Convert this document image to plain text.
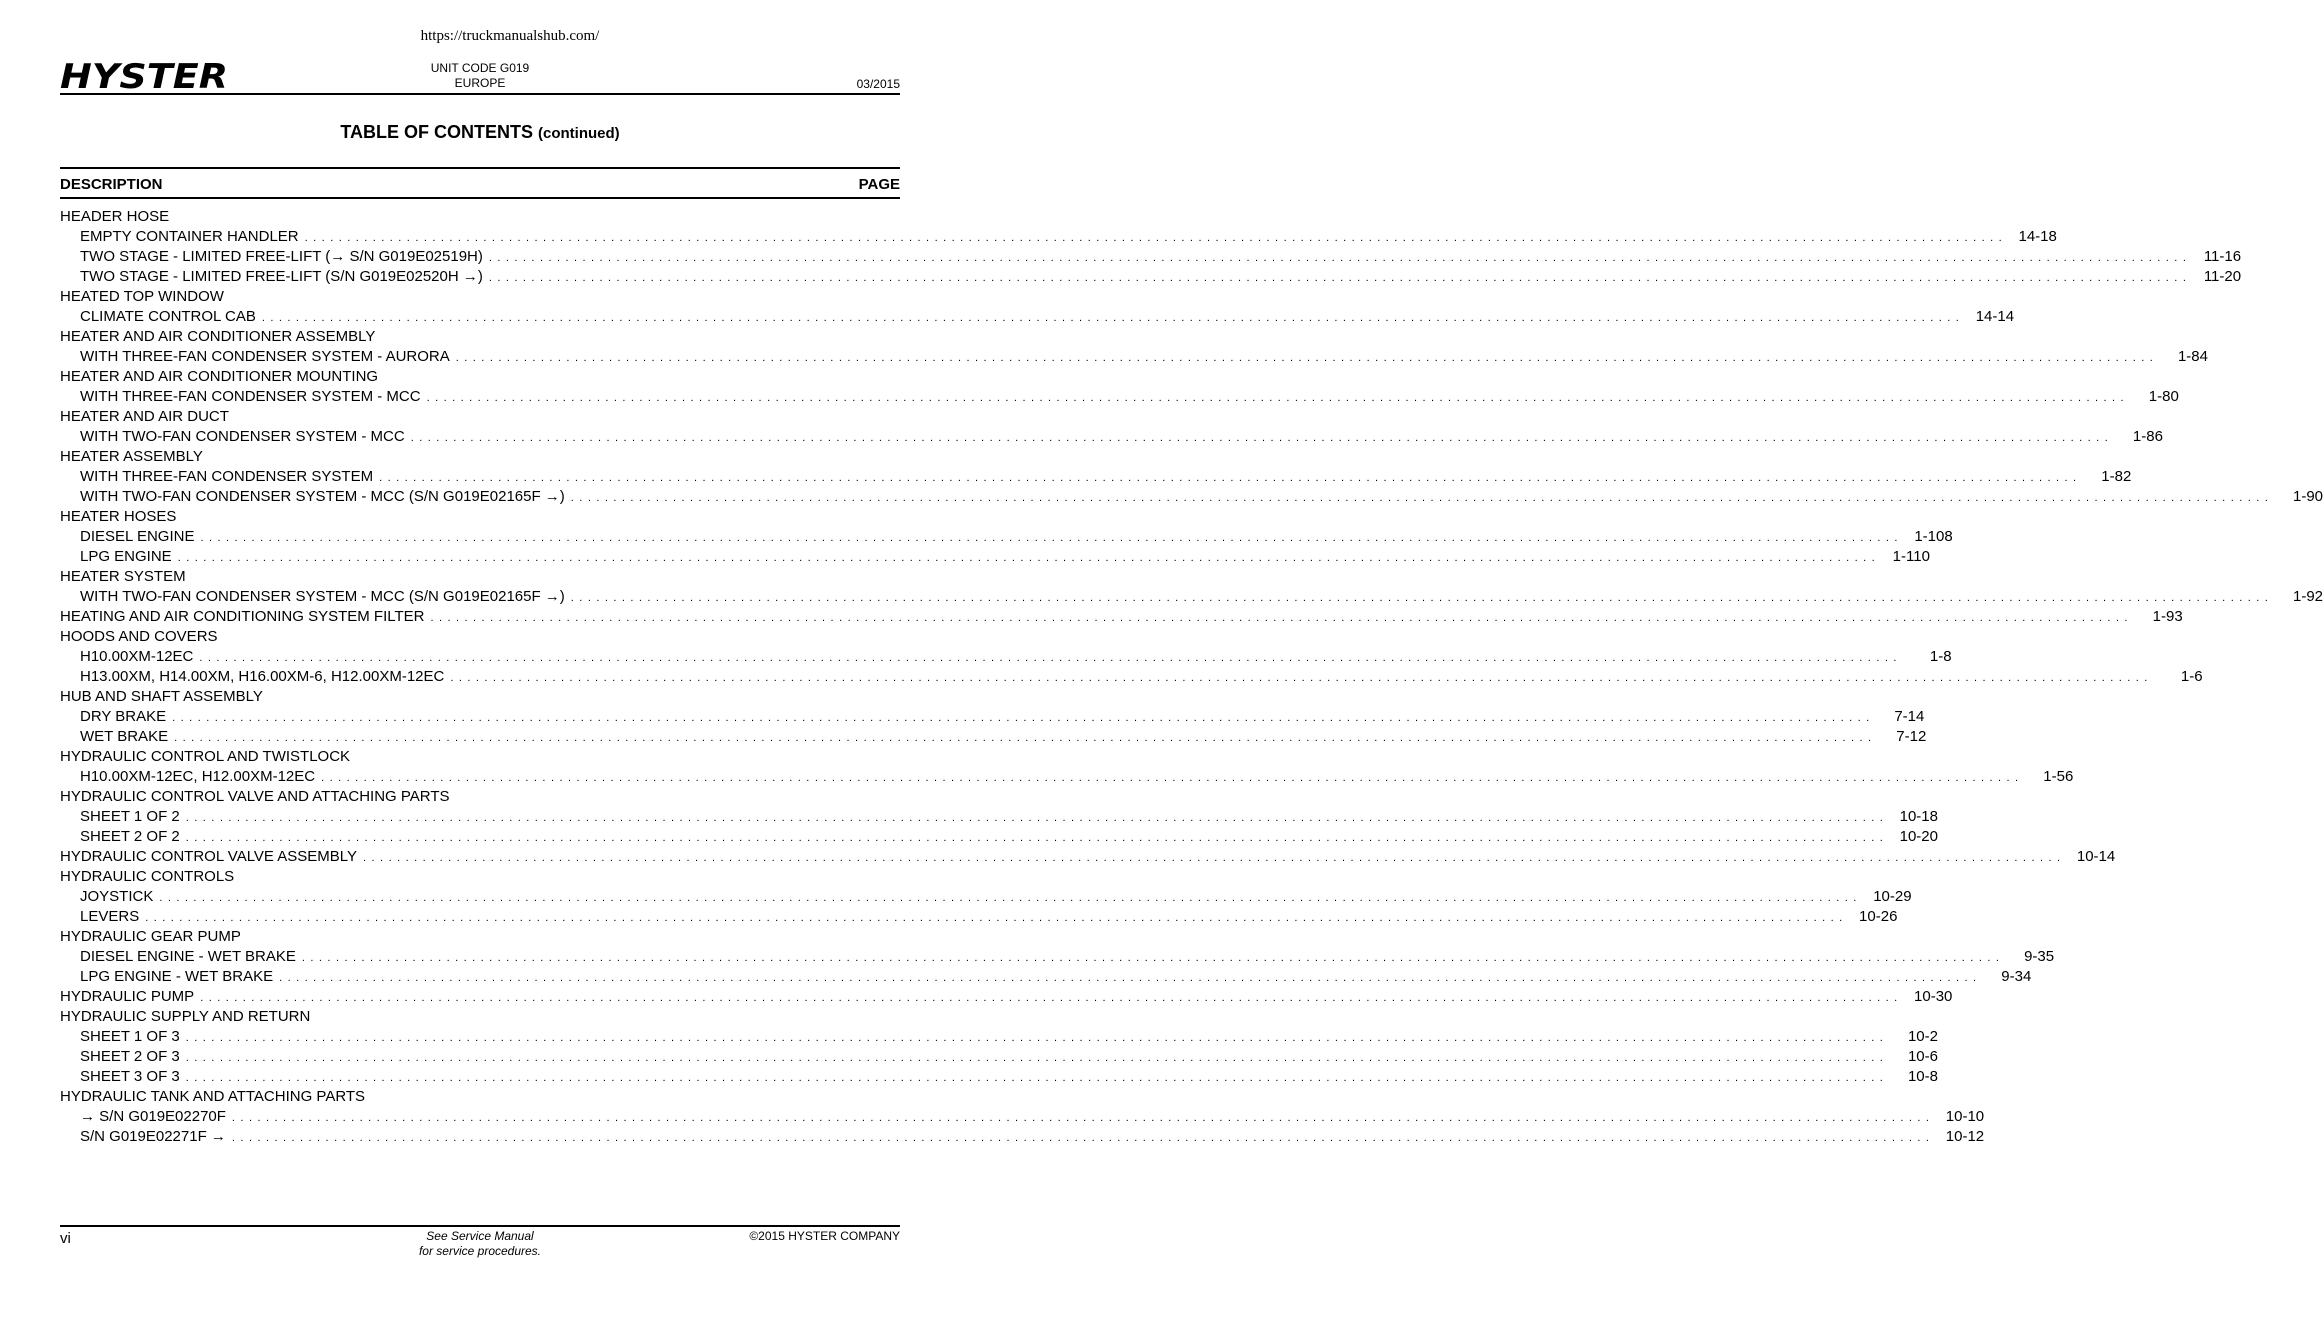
https://truckmanualshub.com/
HYSTER	UNIT CODE G019
EUROPE	03/2015
TABLE OF CONTENTS (continued)
DESCRIPTION	PAGE
HEADER HOSE
EMPTY CONTAINER HANDLER . . . . . . . . . . . . . . . . . . . . . . . . . . . . . . . . . . . . . . . . . . . . . . . . . . . . . . . . . . . . . . . . . . . . . . . . . . . . . . . . . . . . . . . . . . . . . . . . . . . . . . . . . . . . . . . . . . . . . . . . . . . . . . . . . . . . . . . . . . . . . . . . . . . . . . . . . . . . . . . . . . . . . . . . . . . . . . . . . . . . . . . . . . . . . . . . . . . . . . . .	14-18
TWO STAGE - LIMITED FREE-LIFT (→ S/N G019E02519H) . . . . . . . . . . . . . . . . . . . . . . . . . . . . . . . . . . . . . . . . . . . . . . . . . . . . . . . . . . . . . . . . . . . . . . . . . . . . . . . . . . . . . . . . . . . . . . . . . . . . . . . . . . . . . . . . . . . . . . . . . . . . . . . . . . . . . . . . . . . . . . . . . . . . . . . . . . . . . . . . . . . . . . . . . . . . . . . . . . . . . . . . . . . . . . . . . . . . . . . .	11-16
TWO STAGE - LIMITED FREE-LIFT (S/N G019E02520H →) . . . . . . . . . . . . . . . . . . . . . . . . . . . . . . . . . . . . . . . . . . . . . . . . . . . . . . . . . . . . . . . . . . . . . . . . . . . . . . . . . . . . . . . . . . . . . . . . . . . . . . . . . . . . . . . . . . . . . . . . . . . . . . . . . . . . . . . . . . . . . . . . . . . . . . . . . . . . . . . . . . . . . . . . . . . . . . . . . . . . . . . . . . . . . . . . . . . . . . . .	11-20
HEATED TOP WINDOW
CLIMATE CONTROL CAB . . . . . . . . . . . . . . . . . . . . . . . . . . . . . . . . . . . . . . . . . . . . . . . . . . . . . . . . . . . . . . . . . . . . . . . . . . . . . . . . . . . . . . . . . . . . . . . . . . . . . . . . . . . . . . . . . . . . . . . . . . . . . . . . . . . . . . . . . . . . . . . . . . . . . . . . . . . . . . . . . . . . . . . . . . . . . . . . . . . . . . . . . . . . . . . . . . . . . . . .	14-14
HEATER AND AIR CONDITIONER ASSEMBLY
WITH THREE-FAN CONDENSER SYSTEM - AURORA . . . . . . . . . . . . . . . . . . . . . . . . . . . . . . . . . . . . . . . . . . . . . . . . . . . . . . . . . . . . . . . . . . . . . . . . . . . . . . . . . . . . . . . . . . . . . . . . . . . . . . . . . . . . . . . . . . . . . . . . . . . . . . . . . . . . . . . . . . . . . . . . . . . . . . . . . . . . . . . . . . . . . . . . . . . . . . . . . . . . . . . . . . . . . . . . . . . . . . . .	1-84
HEATER AND AIR CONDITIONER MOUNTING
WITH THREE-FAN CONDENSER SYSTEM - MCC . . . . . . . . . . . . . . . . . . . . . . . . . . . . . . . . . . . . . . . . . . . . . . . . . . . . . . . . . . . . . . . . . . . . . . . . . . . . . . . . . . . . . . . . . . . . . . . . . . . . . . . . . . . . . . . . . . . . . . . . . . . . . . . . . . . . . . . . . . . . . . . . . . . . . . . . . . . . . . . . . . . . . . . . . . . . . . . . . . . . . . . . . . . . . . . . . . . . . . . .	1-80
HEATER AND AIR DUCT
WITH TWO-FAN CONDENSER SYSTEM - MCC . . . . . . . . . . . . . . . . . . . . . . . . . . . . . . . . . . . . . . . . . . . . . . . . . . . . . . . . . . . . . . . . . . . . . . . . . . . . . . . . . . . . . . . . . . . . . . . . . . . . . . . . . . . . . . . . . . . . . . . . . . . . . . . . . . . . . . . . . . . . . . . . . . . . . . . . . . . . . . . . . . . . . . . . . . . . . . . . . . . . . . . . . . . . . . . . . . . . . . . .	1-86
HEATER ASSEMBLY
WITH THREE-FAN CONDENSER SYSTEM . . . . . . . . . . . . . . . . . . . . . . . . . . . . . . . . . . . . . . . . . . . . . . . . . . . . . . . . . . . . . . . . . . . . . . . . . . . . . . . . . . . . . . . . . . . . . . . . . . . . . . . . . . . . . . . . . . . . . . . . . . . . . . . . . . . . . . . . . . . . . . . . . . . . . . . . . . . . . . . . . . . . . . . . . . . . . . . . . . . . . . . . . . . . . . . . . . . . . . . .	1-82
WITH TWO-FAN CONDENSER SYSTEM - MCC (S/N G019E02165F →) . . . . . . . . . . . . . . . . . . . . . . . . . . . . . . . . . . . . . . . . . . . . . . . . . . . . . . . . . . . . . . . . . . . . . . . . . . . . . . . . . . . . . . . . . . . . . . . . . . . . . . . . . . . . . . . . . . . . . . . . . . . . . . . . . . . . . . . . . . . . . . . . . . . . . . . . . . . . . . . . . . . . . . . . . . . . . . . . . . . . . . . . . . . . . . . . . . . . . . . .	1-90
HEATER HOSES
DIESEL ENGINE . . . . . . . . . . . . . . . . . . . . . . . . . . . . . . . . . . . . . . . . . . . . . . . . . . . . . . . . . . . . . . . . . . . . . . . . . . . . . . . . . . . . . . . . . . . . . . . . . . . . . . . . . . . . . . . . . . . . . . . . . . . . . . . . . . . . . . . . . . . . . . . . . . . . . . . . . . . . . . . . . . . . . . . . . . . . . . . . . . . . . . . . . . . . . . . . . . . . . . . .	1-108
LPG ENGINE . . . . . . . . . . . . . . . . . . . . . . . . . . . . . . . . . . . . . . . . . . . . . . . . . . . . . . . . . . . . . . . . . . . . . . . . . . . . . . . . . . . . . . . . . . . . . . . . . . . . . . . . . . . . . . . . . . . . . . . . . . . . . . . . . . . . . . . . . . . . . . . . . . . . . . . . . . . . . . . . . . . . . . . . . . . . . . . . . . . . . . . . . . . . . . . . . . . . . . . .	1-110
HEATER SYSTEM
WITH TWO-FAN CONDENSER SYSTEM - MCC (S/N G019E02165F →) . . . . . . . . . . . . . . . . . . . . . . . . . . . . . . . . . . . . . . . . . . . . . . . . . . . . . . . . . . . . . . . . . . . . . . . . . . . . . . . . . . . . . . . . . . . . . . . . . . . . . . . . . . . . . . . . . . . . . . . . . . . . . . . . . . . . . . . . . . . . . . . . . . . . . . . . . . . . . . . . . . . . . . . . . . . . . . . . . . . . . . . . . . . . . . . . . . . . . . . .	1-92
HEATING AND AIR CONDITIONING SYSTEM FILTER . . . . . . . . . . . . . . . . . . . . . . . . . . . . . . . . . . . . . . . . . . . . . . . . . . . . . . . . . . . . . . . . . . . . . . . . . . . . . . . . . . . . . . . . . . . . . . . . . . . . . . . . . . . . . . . . . . . . . . . . . . . . . . . . . . . . . . . . . . . . . . . . . . . . . . . . . . . . . . . . . . . . . . . . . . . . . . . . . . . . . . . . . . . . . . . . . . . . . . . .	1-93
HOODS AND COVERS
H10.00XM-12EC . . . . . . . . . . . . . . . . . . . . . . . . . . . . . . . . . . . . . . . . . . . . . . . . . . . . . . . . . . . . . . . . . . . . . . . . . . . . . . . . . . . . . . . . . . . . . . . . . . . . . . . . . . . . . . . . . . . . . . . . . . . . . . . . . . . . . . . . . . . . . . . . . . . . . . . . . . . . . . . . . . . . . . . . . . . . . . . . . . . . . . . . . . . . . . . . . . . . . . . .	1-8
H13.00XM, H14.00XM, H16.00XM-6, H12.00XM-12EC . . . . . . . . . . . . . . . . . . . . . . . . . . . . . . . . . . . . . . . . . . . . . . . . . . . . . . . . . . . . . . . . . . . . . . . . . . . . . . . . . . . . . . . . . . . . . . . . . . . . . . . . . . . . . . . . . . . . . . . . . . . . . . . . . . . . . . . . . . . . . . . . . . . . . . . . . . . . . . . . . . . . . . . . . . . . . . . . . . . . . . . . . . . . . . . . . . . . . . . .	1-6
HUB AND SHAFT ASSEMBLY
DRY BRAKE . . . . . . . . . . . . . . . . . . . . . . . . . . . . . . . . . . . . . . . . . . . . . . . . . . . . . . . . . . . . . . . . . . . . . . . . . . . . . . . . . . . . . . . . . . . . . . . . . . . . . . . . . . . . . . . . . . . . . . . . . . . . . . . . . . . . . . . . . . . . . . . . . . . . . . . . . . . . . . . . . . . . . . . . . . . . . . . . . . . . . . . . . . . . . . . . . . . . . . . .	7-14
WET BRAKE . . . . . . . . . . . . . . . . . . . . . . . . . . . . . . . . . . . . . . . . . . . . . . . . . . . . . . . . . . . . . . . . . . . . . . . . . . . . . . . . . . . . . . . . . . . . . . . . . . . . . . . . . . . . . . . . . . . . . . . . . . . . . . . . . . . . . . . . . . . . . . . . . . . . . . . . . . . . . . . . . . . . . . . . . . . . . . . . . . . . . . . . . . . . . . . . . . . . . . . .	7-12
HYDRAULIC CONTROL AND TWISTLOCK
H10.00XM-12EC, H12.00XM-12EC . . . . . . . . . . . . . . . . . . . . . . . . . . . . . . . . . . . . . . . . . . . . . . . . . . . . . . . . . . . . . . . . . . . . . . . . . . . . . . . . . . . . . . . . . . . . . . . . . . . . . . . . . . . . . . . . . . . . . . . . . . . . . . . . . . . . . . . . . . . . . . . . . . . . . . . . . . . . . . . . . . . . . . . . . . . . . . . . . . . . . . . . . . . . . . . . . . . . . . . .	1-56
HYDRAULIC CONTROL VALVE AND ATTACHING PARTS
SHEET 1 OF 2 . . . . . . . . . . . . . . . . . . . . . . . . . . . . . . . . . . . . . . . . . . . . . . . . . . . . . . . . . . . . . . . . . . . . . . . . . . . . . . . . . . . . . . . . . . . . . . . . . . . . . . . . . . . . . . . . . . . . . . . . . . . . . . . . . . . . . . . . . . . . . . . . . . . . . . . . . . . . . . . . . . . . . . . . . . . . . . . . . . . . . . . . . . . . . . . . . . . . . . . .	10-18
SHEET 2 OF 2 . . . . . . . . . . . . . . . . . . . . . . . . . . . . . . . . . . . . . . . . . . . . . . . . . . . . . . . . . . . . . . . . . . . . . . . . . . . . . . . . . . . . . . . . . . . . . . . . . . . . . . . . . . . . . . . . . . . . . . . . . . . . . . . . . . . . . . . . . . . . . . . . . . . . . . . . . . . . . . . . . . . . . . . . . . . . . . . . . . . . . . . . . . . . . . . . . . . . . . . .	10-20
HYDRAULIC CONTROL VALVE ASSEMBLY . . . . . . . . . . . . . . . . . . . . . . . . . . . . . . . . . . . . . . . . . . . . . . . . . . . . . . . . . . . . . . . . . . . . . . . . . . . . . . . . . . . . . . . . . . . . . . . . . . . . . . . . . . . . . . . . . . . . . . . . . . . . . . . . . . . . . . . . . . . . . . . . . . . . . . . . . . . . . . . . . . . . . . . . . . . . . . . . . . . . . . . . . . . . . . . . . . . . . . . .	10-14
HYDRAULIC CONTROLS
JOYSTICK . . . . . . . . . . . . . . . . . . . . . . . . . . . . . . . . . . . . . . . . . . . . . . . . . . . . . . . . . . . . . . . . . . . . . . . . . . . . . . . . . . . . . . . . . . . . . . . . . . . . . . . . . . . . . . . . . . . . . . . . . . . . . . . . . . . . . . . . . . . . . . . . . . . . . . . . . . . . . . . . . . . . . . . . . . . . . . . . . . . . . . . . . . . . . . . . . . . . . . . .	10-29
LEVERS . . . . . . . . . . . . . . . . . . . . . . . . . . . . . . . . . . . . . . . . . . . . . . . . . . . . . . . . . . . . . . . . . . . . . . . . . . . . . . . . . . . . . . . . . . . . . . . . . . . . . . . . . . . . . . . . . . . . . . . . . . . . . . . . . . . . . . . . . . . . . . . . . . . . . . . . . . . . . . . . . . . . . . . . . . . . . . . . . . . . . . . . . . . . . . . . . . . . . . . .	10-26
HYDRAULIC GEAR PUMP
DIESEL ENGINE - WET BRAKE . . . . . . . . . . . . . . . . . . . . . . . . . . . . . . . . . . . . . . . . . . . . . . . . . . . . . . . . . . . . . . . . . . . . . . . . . . . . . . . . . . . . . . . . . . . . . . . . . . . . . . . . . . . . . . . . . . . . . . . . . . . . . . . . . . . . . . . . . . . . . . . . . . . . . . . . . . . . . . . . . . . . . . . . . . . . . . . . . . . . . . . . . . . . . . . . . . . . . . . .	9-35
LPG ENGINE - WET BRAKE . . . . . . . . . . . . . . . . . . . . . . . . . . . . . . . . . . . . . . . . . . . . . . . . . . . . . . . . . . . . . . . . . . . . . . . . . . . . . . . . . . . . . . . . . . . . . . . . . . . . . . . . . . . . . . . . . . . . . . . . . . . . . . . . . . . . . . . . . . . . . . . . . . . . . . . . . . . . . . . . . . . . . . . . . . . . . . . . . . . . . . . . . . . . . . . . . . . . . . . .	9-34
HYDRAULIC PUMP . . . . . . . . . . . . . . . . . . . . . . . . . . . . . . . . . . . . . . . . . . . . . . . . . . . . . . . . . . . . . . . . . . . . . . . . . . . . . . . . . . . . . . . . . . . . . . . . . . . . . . . . . . . . . . . . . . . . . . . . . . . . . . . . . . . . . . . . . . . . . . . . . . . . . . . . . . . . . . . . . . . . . . . . . . . . . . . . . . . . . . . . . . . . . . . . . . . . . . . .	10-30
HYDRAULIC SUPPLY AND RETURN
SHEET 1 OF 3 . . . . . . . . . . . . . . . . . . . . . . . . . . . . . . . . . . . . . . . . . . . . . . . . . . . . . . . . . . . . . . . . . . . . . . . . . . . . . . . . . . . . . . . . . . . . . . . . . . . . . . . . . . . . . . . . . . . . . . . . . . . . . . . . . . . . . . . . . . . . . . . . . . . . . . . . . . . . . . . . . . . . . . . . . . . . . . . . . . . . . . . . . . . . . . . . . . . . . . . .	10-2
SHEET 2 OF 3 . . . . . . . . . . . . . . . . . . . . . . . . . . . . . . . . . . . . . . . . . . . . . . . . . . . . . . . . . . . . . . . . . . . . . . . . . . . . . . . . . . . . . . . . . . . . . . . . . . . . . . . . . . . . . . . . . . . . . . . . . . . . . . . . . . . . . . . . . . . . . . . . . . . . . . . . . . . . . . . . . . . . . . . . . . . . . . . . . . . . . . . . . . . . . . . . . . . . . . . .	10-6
SHEET 3 OF 3 . . . . . . . . . . . . . . . . . . . . . . . . . . . . . . . . . . . . . . . . . . . . . . . . . . . . . . . . . . . . . . . . . . . . . . . . . . . . . . . . . . . . . . . . . . . . . . . . . . . . . . . . . . . . . . . . . . . . . . . . . . . . . . . . . . . . . . . . . . . . . . . . . . . . . . . . . . . . . . . . . . . . . . . . . . . . . . . . . . . . . . . . . . . . . . . . . . . . . . . .	10-8
HYDRAULIC TANK AND ATTACHING PARTS
→ S/N G019E02270F . . . . . . . . . . . . . . . . . . . . . . . . . . . . . . . . . . . . . . . . . . . . . . . . . . . . . . . . . . . . . . . . . . . . . . . . . . . . . . . . . . . . . . . . . . . . . . . . . . . . . . . . . . . . . . . . . . . . . . . . . . . . . . . . . . . . . . . . . . . . . . . . . . . . . . . . . . . . . . . . . . . . . . . . . . . . . . . . . . . . . . . . . . . . . . . . . . . . . . . .	10-10
S/N G019E02271F → . . . . . . . . . . . . . . . . . . . . . . . . . . . . . . . . . . . . . . . . . . . . . . . . . . . . . . . . . . . . . . . . . . . . . . . . . . . . . . . . . . . . . . . . . . . . . . . . . . . . . . . . . . . . . . . . . . . . . . . . . . . . . . . . . . . . . . . . . . . . . . . . . . . . . . . . . . . . . . . . . . . . . . . . . . . . . . . . . . . . . . . . . . . . . . . . . . . . . . . .	10-12
vi	See Service Manual
for service procedures.
©2015 HYSTER COMPANY
